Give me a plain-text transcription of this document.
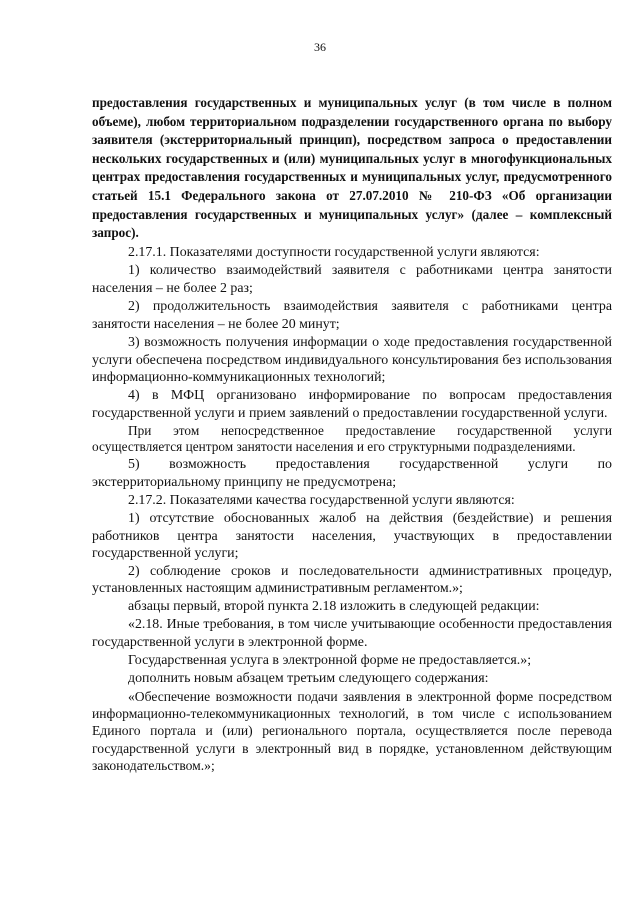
36

предоставления государственных и муниципальных услуг (в том числе в полном объеме), любом территориальном подразделении государственного органа по выбору заявителя (экстерриториальный принцип), посредством запроса о предоставлении нескольких государственных и (или) муниципальных услуг в многофункциональных центрах предоставления государственных и муниципальных услуг, предусмотренного статьей 15.1 Федерального закона от 27.07.2010 № 210-ФЗ «Об организации предоставления государственных и муниципальных услуг» (далее – комплексный запрос).

2.17.1. Показателями доступности государственной услуги являются:

1) количество взаимодействий заявителя с работниками центра занятости населения – не более 2 раз;

2) продолжительность взаимодействия заявителя с работниками центра занятости населения – не более 20 минут;

3) возможность получения информации о ходе предоставления государственной услуги обеспечена посредством индивидуального консультирования без использования информационно-коммуникационных технологий;

4) в МФЦ организовано информирование по вопросам предоставления государственной услуги и прием заявлений о предоставлении государственной услуги.

При этом непосредственное предоставление государственной услуги осуществляется центром занятости населения и его структурными подразделениями.

5) возможность предоставления государственной услуги по экстерриториальному принципу не предусмотрена;

2.17.2. Показателями качества государственной услуги являются:

1) отсутствие обоснованных жалоб на действия (бездействие) и решения работников центра занятости населения, участвующих в предоставлении государственной услуги;

2) соблюдение сроков и последовательности административных процедур, установленных настоящим административным регламентом.»;

абзацы первый, второй пункта 2.18 изложить в следующей редакции:

«2.18. Иные требования, в том числе учитывающие особенности предоставления государственной услуги в электронной форме.

Государственная услуга в электронной форме не предоставляется.»;

дополнить новым абзацем третьим следующего содержания:

«Обеспечение возможности подачи заявления в электронной форме посредством информационно-телекоммуникационных технологий, в том числе с использованием Единого портала и (или) регионального портала, осуществляется после перевода государственной услуги в электронный вид в порядке, установленном действующим законодательством.»;
